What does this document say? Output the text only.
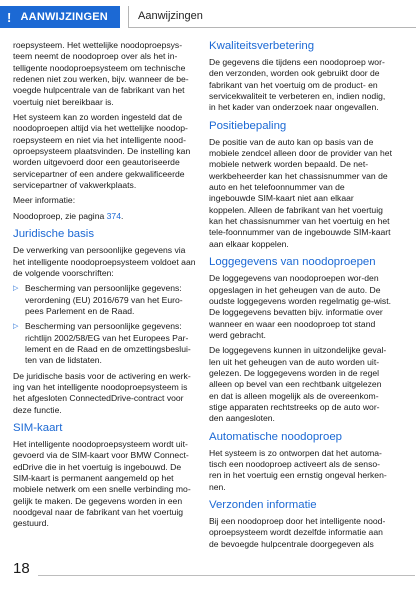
! AANWIJZINGEN	Aanwijzingen

roepsysteem. Het wettelijke noodoproepsys-teem neemt de noodoproep over als het in-telligente noodoproepsysteem om technische redenen niet zou werken, bijv. wanneer de be-voegde hulpcentrale van de fabrikant van het voertuig niet bereikbaar is.

Het systeem kan zo worden ingesteld dat de noodoproepen altijd via het wettelijke noodop-roepsysteem en niet via het intelligente nood-oproepsysteem plaatsvinden. De instelling kan worden uitgevoerd door een geautoriseerde servicepartner of een andere gekwalificeerde servicepartner of vakwerkplaats.

Meer informatie:

Noodoproep, zie pagina 374.

Juridische basis

De verwerking van persoonlijke gegevens via het intelligente noodoproepsysteem voldoet aan de volgende voorschriften:

▷ Bescherming van persoonlijke gegevens: verordening (EU) 2016/679 van het Euro-pees Parlement en de Raad.
▷ Bescherming van persoonlijke gegevens: richtlijn 2002/58/EG van het Europees Par-lement en de Raad en de omzettingsbeslui-ten van de lidstaten.

De juridische basis voor de activering en werk-ing van het intelligente noodoproepsysteem is het afgesloten ConnectedDrive-contract voor deze functie.

SIM-kaart

Het intelligente noodoproepsysteem wordt uit-gevoerd via de SIM-kaart voor BMW Connect-edDrive die in het voertuig is ingebouwd. De SIM-kaart is permanent aangemeld op het mobiele netwerk om een snelle verbinding mo-gelijk te maken. De gegevens worden in een noodgeval naar de fabrikant van het voertuig gestuurd.

Kwaliteitsverbetering

De gegevens die tijdens een noodoproep wor-den verzonden, worden ook gebruikt door de fabrikant van het voertuig om de product- en servicekwaliteit te verbeteren en, indien nodig, in het kader van onderzoek naar ongevallen.

Positiebepaling

De positie van de auto kan op basis van de mobiele zendcel alleen door de provider van het mobiele netwerk worden bepaald. De net-werkbeheerder kan het chassisnummer van de auto en het telefoonnummer van de ingebouwde SIM-kaart niet aan elkaar koppelen. Alleen de fabrikant van het voertuig kan het chassisnummer van het voertuig en het tele-foonnummer van de ingebouwde SIM-kaart aan elkaar koppelen.

Loggegevens van noodoproepen

De loggegevens van noodoproepen wor-den opgeslagen in het geheugen van de auto. De oudste loggegevens worden regelmatig ge-wist. De loggegevens bevatten bijv. informatie over wanneer en waar een noodoproep tot stand werd gebracht.

De loggegevens kunnen in uitzondelijke geval-len uit het geheugen van de auto worden uit-gelezen. De loggegevens worden in de regel alleen op bevel van een rechtbank uitgelezen en dat is alleen mogelijk als de overeenkom-stige apparaten rechtstreeks op de auto wor-den aangesloten.

Automatische noodoproep

Het systeem is zo ontworpen dat het automa-tisch een noodoproep activeert als de senso-ren in het voertuig een ernstig ongeval herken-nen.

Verzonden informatie

Bij een noodoproep door het intelligente nood-oproepsysteem wordt dezelfde informatie aan de bevoegde hulpcentrale doorgegeven als

18
